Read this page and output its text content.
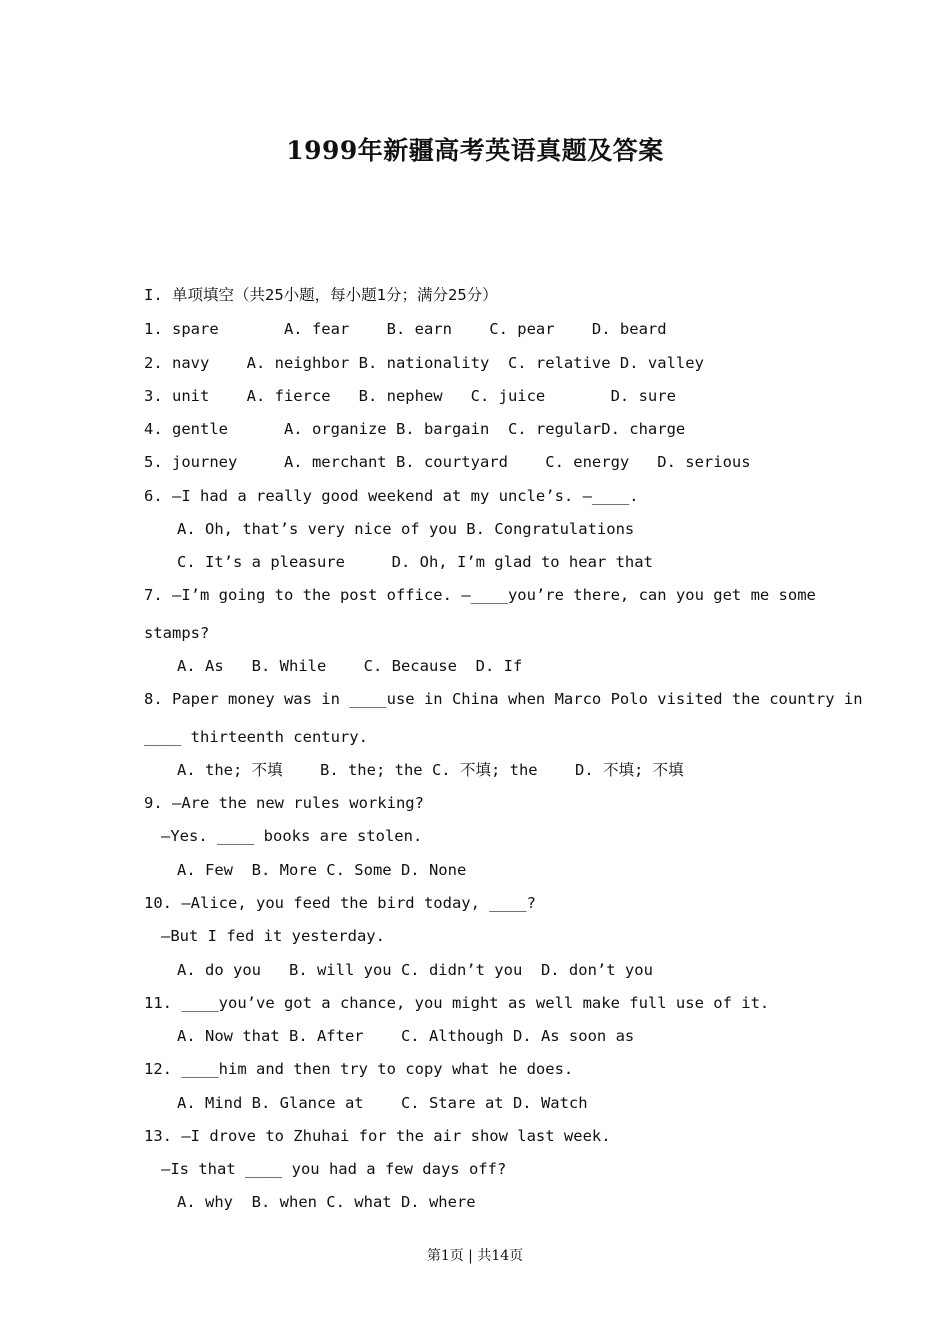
1999年新疆高考英语真题及答案
I. 单项填空（共25小题，每小题1分；满分25分）
1. spare       A. fear    B. earn    C. pear    D. beard
2. navy    A. neighbor B. nationality  C. relative D. valley
3. unit    A. fierce   B. nephew   C. juice       D. sure
4. gentle      A. organize B. bargain  C. regularD. charge
5. journey     A. merchant B. courtyard    C. energy   D. serious
6. —I had a really good weekend at my uncle’s. —____.
A. Oh, that’s very nice of you B. Congratulations
C. It’s a pleasure     D. Oh, I’m glad to hear that
7. —I’m going to the post office. —____you’re there, can you get me some
stamps?
A. As   B. While    C. Because  D. If
8. Paper money was in ____use in China when Marco Polo visited the country in
____ thirteenth century.
A. the; 不填    B. the; the C. 不填; the    D. 不填; 不填
9. —Are the new rules working?
—Yes. ____ books are stolen.
A. Few  B. More C. Some D. None
10. —Alice, you feed the bird today, ____?
—But I fed it yesterday.
A. do you   B. will you C. didn’t you  D. don’t you
11. ____you’ve got a chance, you might as well make full use of it.
A. Now that B. After    C. Although D. As soon as
12. ____him and then try to copy what he does.
A. Mind B. Glance at    C. Stare at D. Watch
13. —I drove to Zhuhai for the air show last week.
—Is that ____ you had a few days off?
A. why  B. when C. what D. where
第1页 | 共14页
